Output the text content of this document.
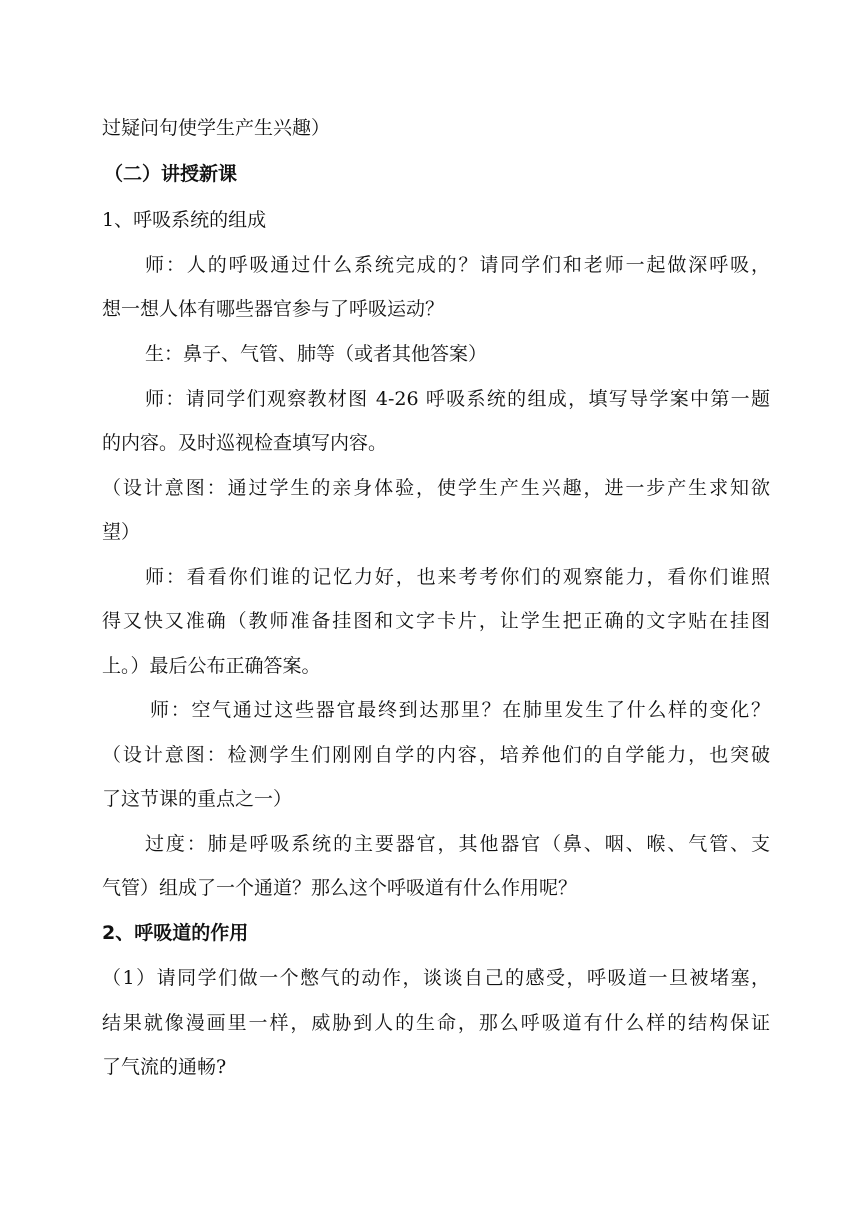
过疑问句使学生产生兴趣）
（二）讲授新课
1、呼吸系统的组成
师：人的呼吸通过什么系统完成的？请同学们和老师一起做深呼吸，
想一想人体有哪些器官参与了呼吸运动？
生：鼻子、气管、肺等（或者其他答案）
师：请同学们观察教材图 4-26 呼吸系统的组成，填写导学案中第一题
的内容。及时巡视检查填写内容。
（设计意图：通过学生的亲身体验，使学生产生兴趣，进一步产生求知欲
望）
师：看看你们谁的记忆力好，也来考考你们的观察能力，看你们谁照
得又快又准确（教师准备挂图和文字卡片，让学生把正确的文字贴在挂图
上。）最后公布正确答案。
师：空气通过这些器官最终到达那里？在肺里发生了什么样的变化？
（设计意图：检测学生们刚刚自学的内容，培养他们的自学能力，也突破
了这节课的重点之一）
过度：肺是呼吸系统的主要器官，其他器官（鼻、咽、喉、气管、支
气管）组成了一个通道？那么这个呼吸道有什么作用呢？
2、呼吸道的作用
（1）请同学们做一个憋气的动作，谈谈自己的感受，呼吸道一旦被堵塞，
结果就像漫画里一样，威胁到人的生命，那么呼吸道有什么样的结构保证
了气流的通畅?
